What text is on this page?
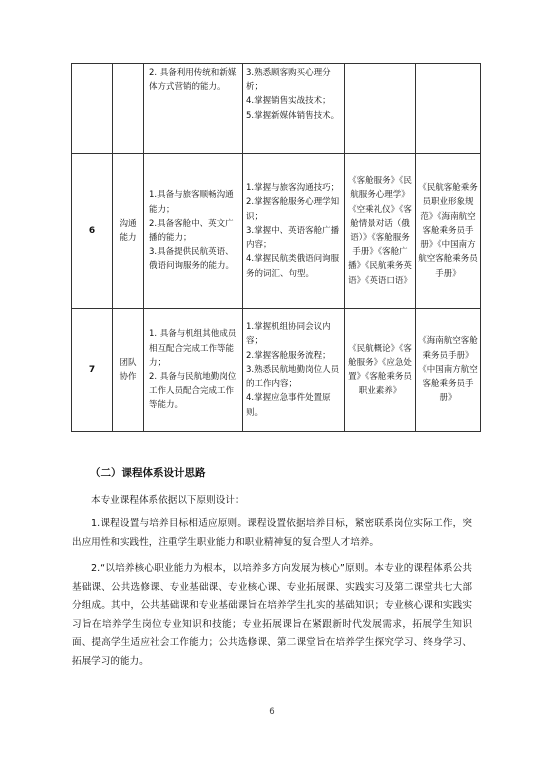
		2. 具备利用传统和新媒体方式营销的能力。	3.熟悉顾客购买心理分析；
4.掌握销售实战技术；
5.掌握新媒体销售技术。		

6	沟通能力	1.具备与旅客顺畅沟通能力；
2.具备客舱中、英文广播的能力；
3.具备提供民航英语、俄语问询服务的能力。	1.掌握与旅客沟通技巧；
2.掌握客舱服务心理学知识；
3.掌握中、英语客舱广播内容；
4.掌握民航类俄语问询服务的词汇、句型。	《客舱服务》《民航服务心理学》《空乘礼仪》《客舱情景对话（俄语）》《客舱服务手册》《客舱广播》《民航乘务英语》《英语口语》	《民航客舱乘务员职业形象规范》《海南航空客舱乘务员手册》《中国南方航空客舱乘务员手册》
7	团队协作	1. 具备与机组其他成员相互配合完成工作等能力；
2. 具备与民航地勤岗位工作人员配合完成工作等能力。	1.掌握机组协同会议内容；
2.掌握客舱服务流程；
3.熟悉民航地勤岗位人员的工作内容；
4.掌握应急事件处置原则。	《民航概论》《客舱服务》《应急处置》《客舱乘务员职业素养》	《海南航空客舱乘务员手册》《中国南方航空客舱乘务员手册》
（二）课程体系设计思路

本专业课程体系依据以下原则设计：

1.课程设置与培养目标相适应原则。课程设置依据培养目标，紧密联系岗位实际工作，突出应用性和实践性，注重学生职业能力和职业精神复的复合型人才培养。

2.“以培养核心职业能力为根本，以培养多方向发展为核心”原则。本专业的课程体系公共基础课、公共选修课、专业基础课、专业核心课、专业拓展课、实践实习及第二课堂共七大部分组成。其中，公共基础课和专业基础课旨在培养学生扎实的基础知识；专业核心课和实践实习旨在培养学生岗位专业知识和技能；专业拓展课旨在紧跟新时代发展需求，拓展学生知识面、提高学生适应社会工作能力；公共选修课、第二课堂旨在培养学生探究学习、终身学习、拓展学习的能力。

6
